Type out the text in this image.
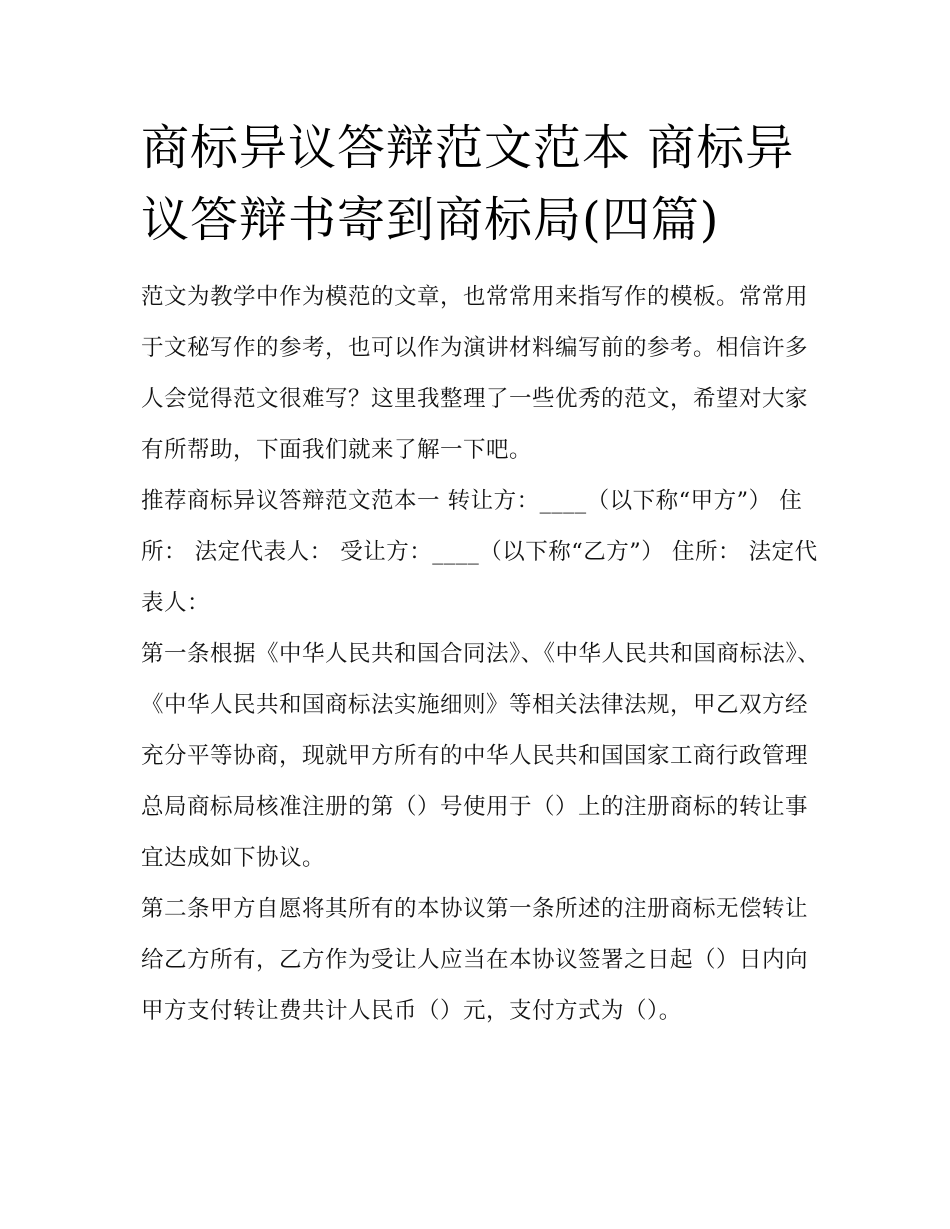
商标异议答辩范文范本 商标异议答辩书寄到商标局(四篇)

范文为教学中作为模范的文章，也常常用来指写作的模板。常常用于文秘写作的参考，也可以作为演讲材料编写前的参考。相信许多人会觉得范文很难写？这里我整理了一些优秀的范文，希望对大家有所帮助，下面我们就来了解一下吧。

推荐商标异议答辩范文范本一 转让方：____（以下称“甲方”） 住所： 法定代表人： 受让方：____（以下称“乙方”） 住所： 法定代表人：

第一条根据《中华人民共和国合同法》、《中华人民共和国商标法》、《中华人民共和国商标法实施细则》等相关法律法规，甲乙双方经充分平等协商，现就甲方所有的中华人民共和国国家工商行政管理总局商标局核准注册的第（）号使用于（）上的注册商标的转让事宜达成如下协议。

第二条甲方自愿将其所有的本协议第一条所述的注册商标无偿转让给乙方所有，乙方作为受让人应当在本协议签署之日起（）日内向甲方支付转让费共计人民币（）元，支付方式为（）。
